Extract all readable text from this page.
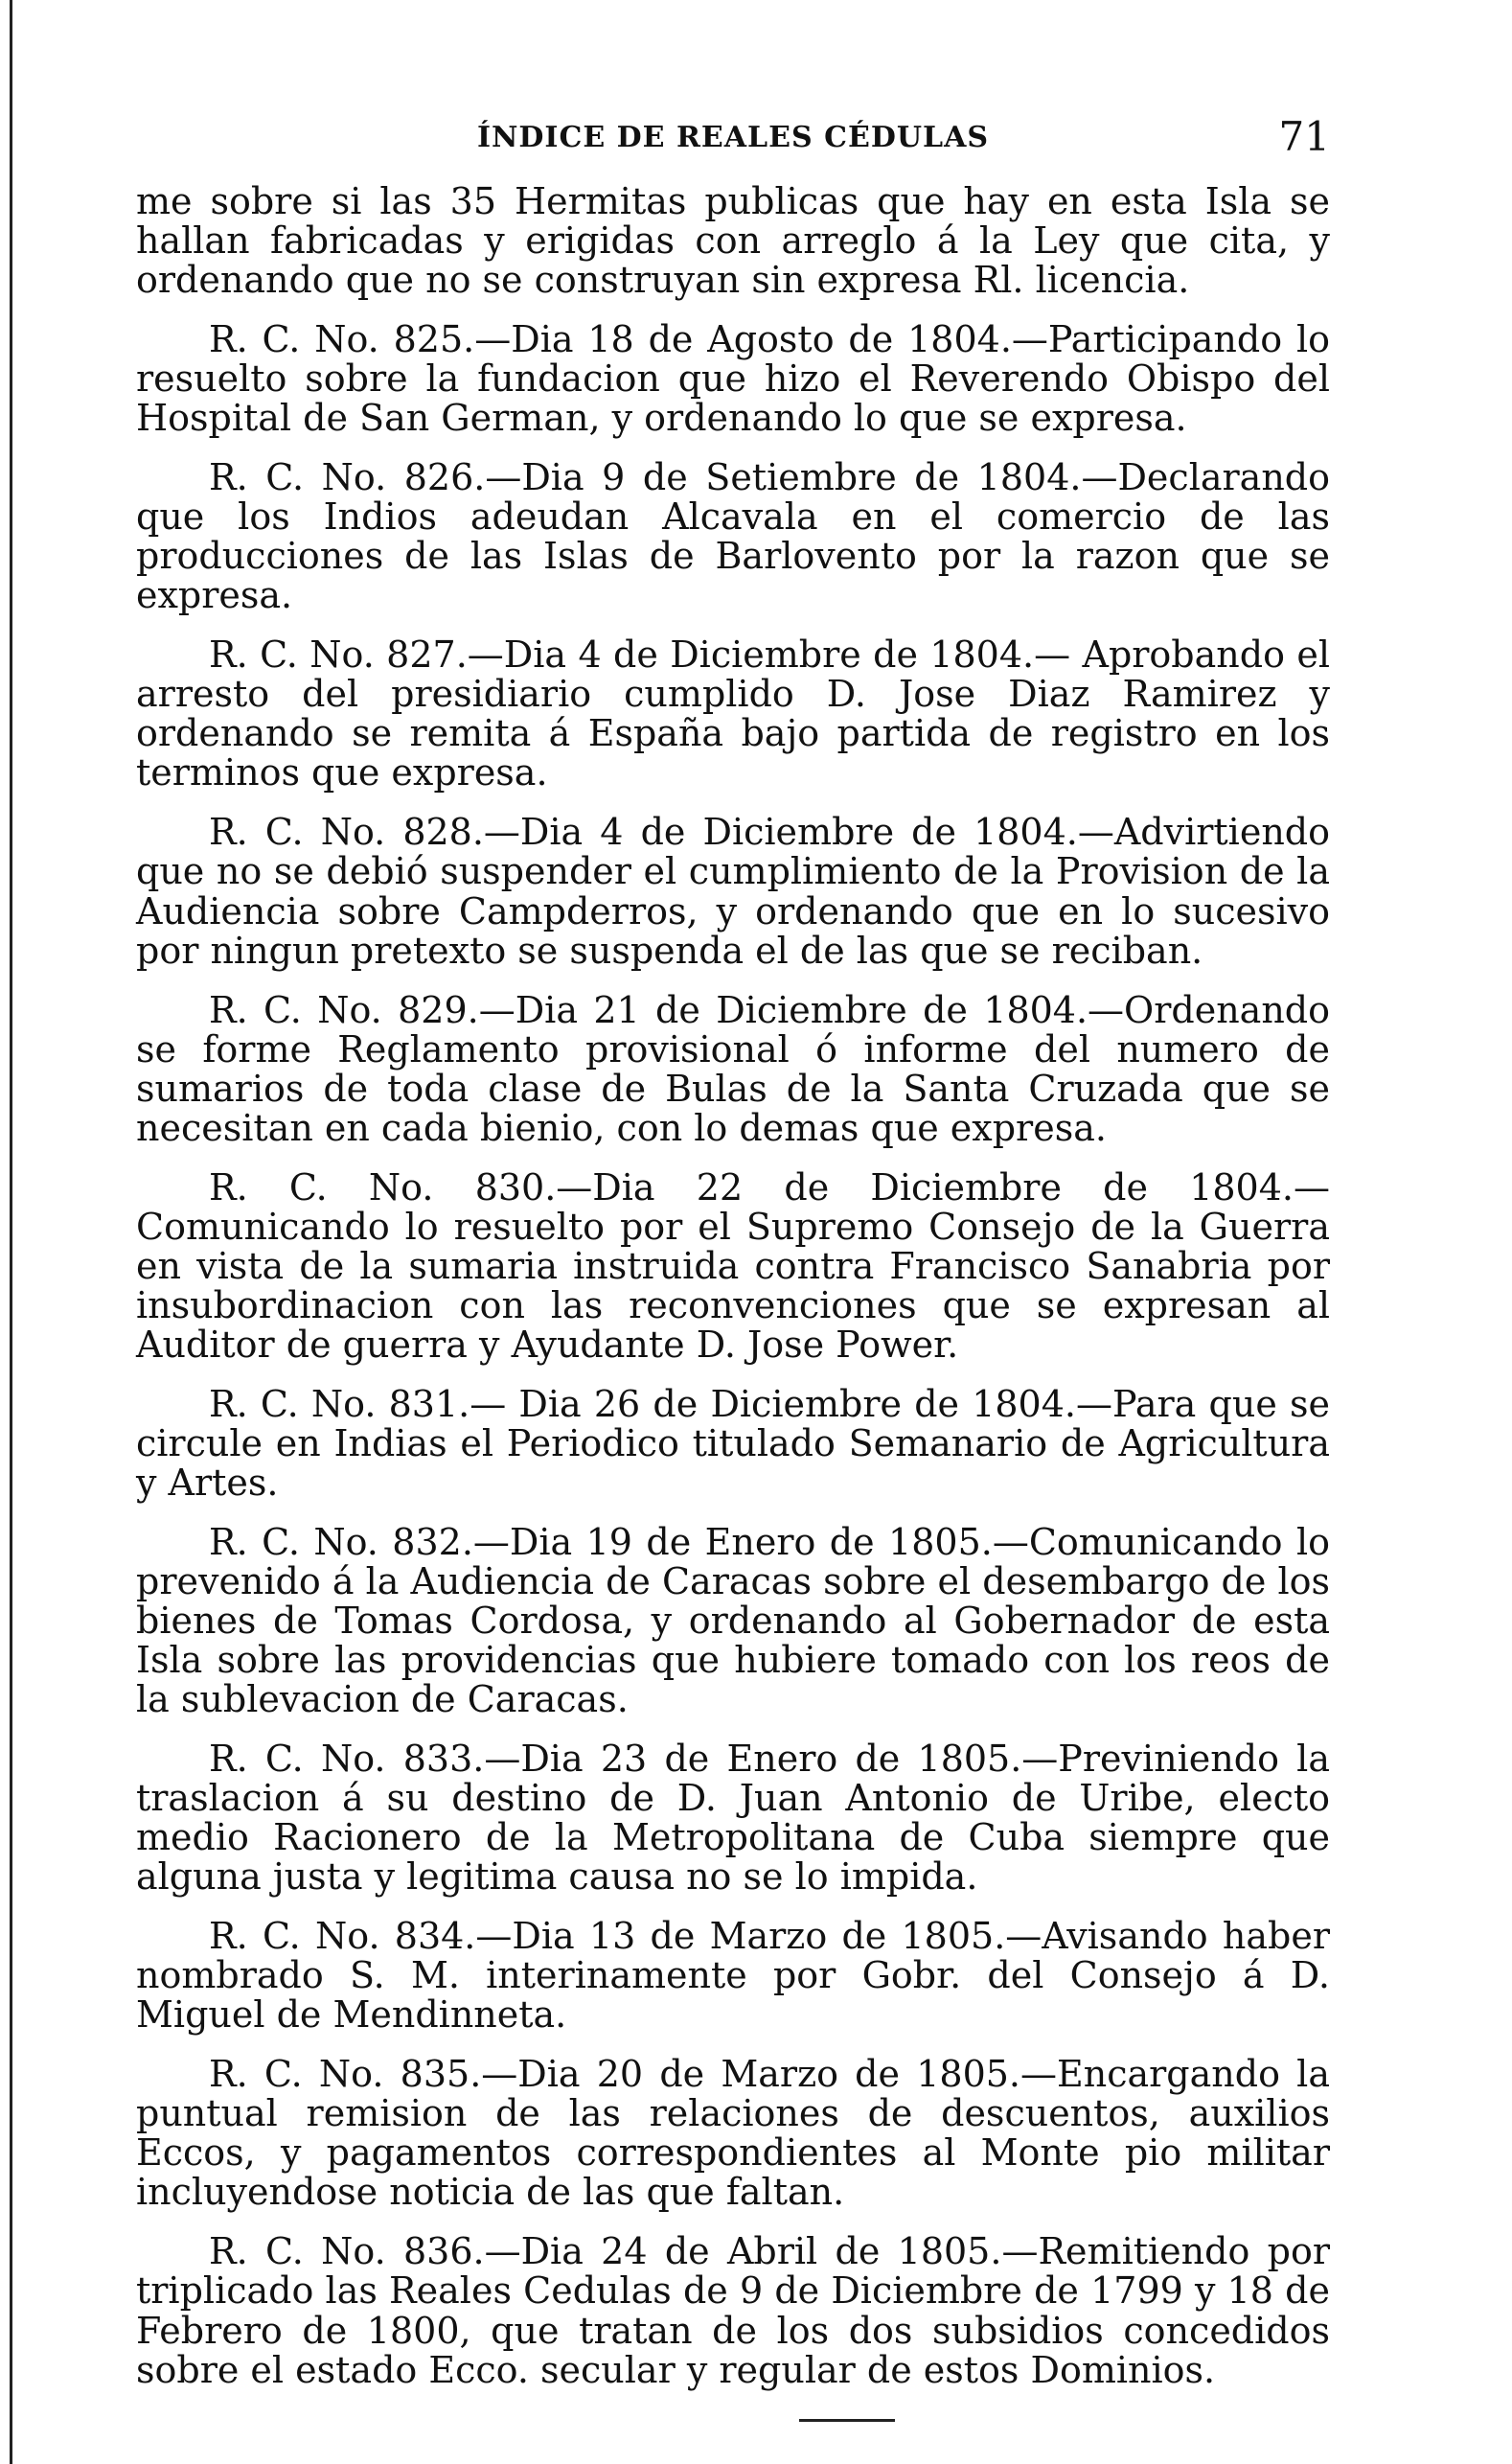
ÍNDICE DE REALES CÉDULAS	71

me sobre si las 35 Hermitas publicas que hay en esta Isla se hallan fabricadas y erigidas con arreglo á la Ley que cita, y ordenando que no se construyan sin expresa Rl. licencia.

R. C. No. 825.—Dia 18 de Agosto de 1804.—Participando lo resuelto sobre la fundacion que hizo el Reverendo Obispo del Hospital de San German, y ordenando lo que se expresa.

R. C. No. 826.—Dia 9 de Setiembre de 1804.—Declarando que los Indios adeudan Alcavala en el comercio de las producciones de las Islas de Barlovento por la razon que se expresa.

R. C. No. 827.—Dia 4 de Diciembre de 1804.— Aprobando el arresto del presidiario cumplido D. Jose Diaz Ramirez y ordenando se remita á España bajo partida de registro en los terminos que expresa.

R. C. No. 828.—Dia 4 de Diciembre de 1804.—Advirtiendo que no se debió suspender el cumplimiento de la Provision de la Audiencia sobre Campderros, y ordenando que en lo sucesivo por ningun pretexto se suspenda el de las que se reciban.

R. C. No. 829.—Dia 21 de Diciembre de 1804.—Ordenando se forme Reglamento provisional ó informe del numero de sumarios de toda clase de Bulas de la Santa Cruzada que se necesitan en cada bienio, con lo demas que expresa.

R. C. No. 830.—Dia 22 de Diciembre de 1804.—Comunicando lo resuelto por el Supremo Consejo de la Guerra en vista de la sumaria instruida contra Francisco Sanabria por insubordinacion con las reconvenciones que se expresan al Auditor de guerra y Ayudante D. Jose Power.

R. C. No. 831.— Dia 26 de Diciembre de 1804.—Para que se circule en Indias el Periodico titulado Semanario de Agricultura y Artes.

R. C. No. 832.—Dia 19 de Enero de 1805.—Comunicando lo prevenido á la Audiencia de Caracas sobre el desembargo de los bienes de Tomas Cordosa, y ordenando al Gobernador de esta Isla sobre las providencias que hubiere tomado con los reos de la sublevacion de Caracas.

R. C. No. 833.—Dia 23 de Enero de 1805.—Previniendo la traslacion á su destino de D. Juan Antonio de Uribe, electo medio Racionero de la Metropolitana de Cuba siempre que alguna justa y legitima causa no se lo impida.

R. C. No. 834.—Dia 13 de Marzo de 1805.—Avisando haber nombrado S. M. interinamente por Gobr. del Consejo á D. Miguel de Mendinneta.

R. C. No. 835.—Dia 20 de Marzo de 1805.—Encargando la puntual remision de las relaciones de descuentos, auxilios Eccos, y pagamentos correspondientes al Monte pio militar incluyendose noticia de las que faltan.

R. C. No. 836.—Dia 24 de Abril de 1805.—Remitiendo por triplicado las Reales Cedulas de 9 de Diciembre de 1799 y 18 de Febrero de 1800, que tratan de los dos subsidios concedidos sobre el estado Ecco. secular y regular de estos Dominios.
